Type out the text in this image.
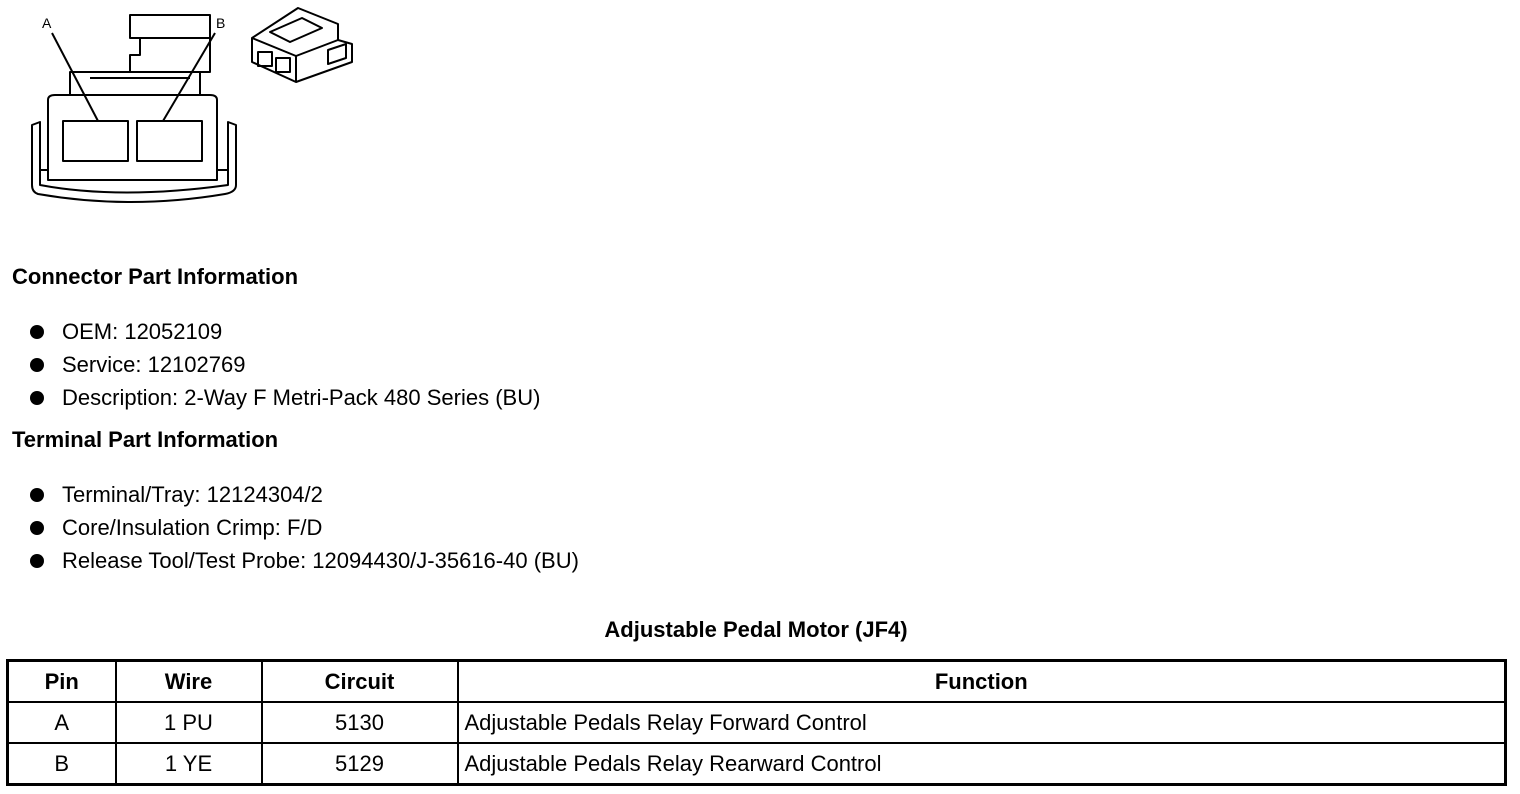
A	B
Connector Part Information
OEM: 12052109
Service: 12102769
Description: 2-Way F Metri-Pack 480 Series (BU)
Terminal Part Information
Terminal/Tray: 12124304/2
Core/Insulation Crimp: F/D
Release Tool/Test Probe: 12094430/J-35616-40 (BU)
Adjustable Pedal Motor (JF4)
Pin	Wire	Circuit	Function
A	1 PU	5130	Adjustable Pedals Relay Forward Control
B	1 YE	5129	Adjustable Pedals Relay Rearward Control
